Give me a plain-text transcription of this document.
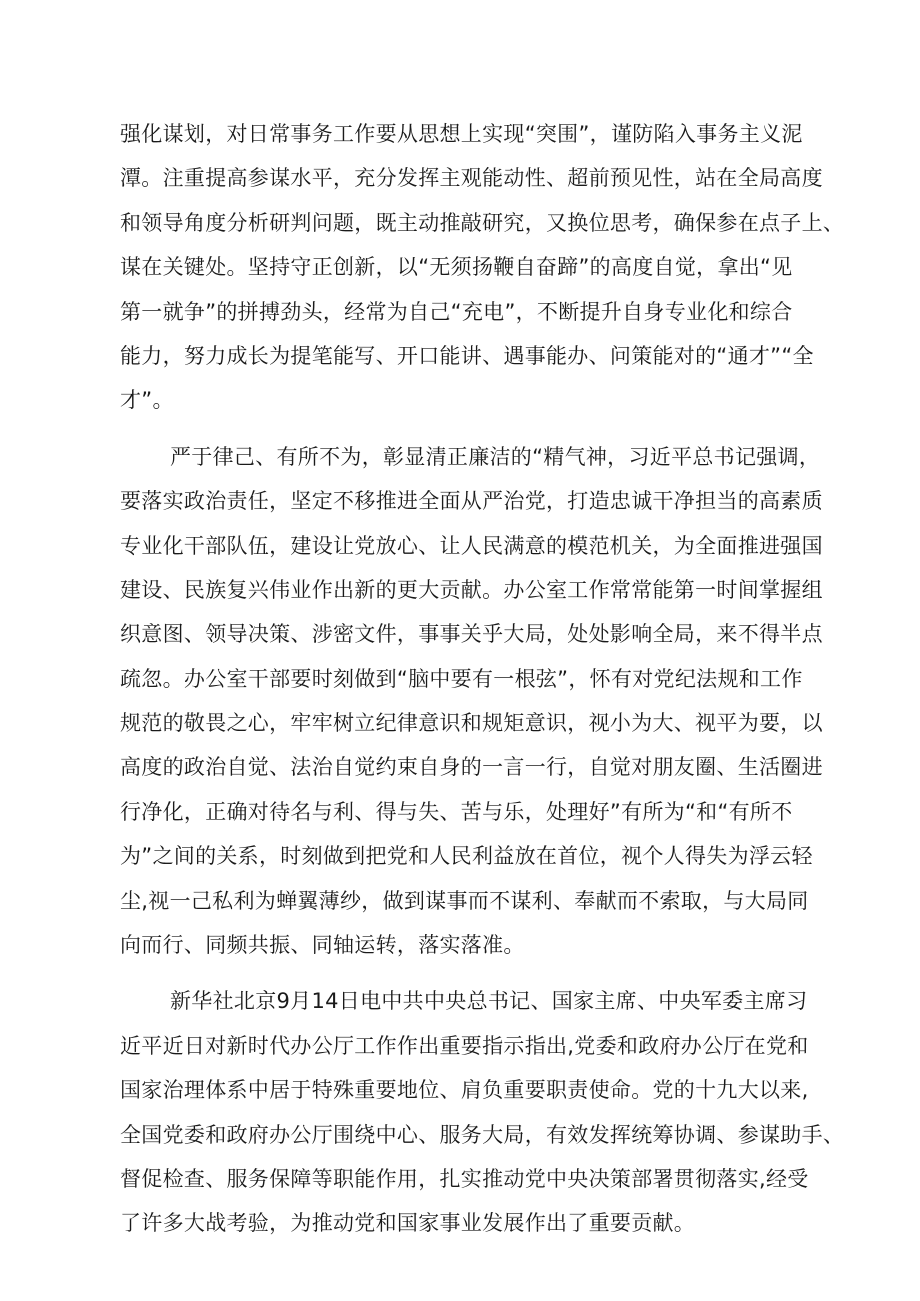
强化谋划，对日常事务工作要从思想上实现“突围”，谨防陷入事务主义泥
潭。注重提高参谋水平，充分发挥主观能动性、超前预见性，站在全局高度
和领导角度分析研判问题，既主动推敲研究，又换位思考，确保参在点子上、
谋在关键处。坚持守正创新，以“无须扬鞭自奋蹄”的高度自觉，拿出“见
第一就争”的拼搏劲头，经常为自己“充电”，不断提升自身专业化和综合
能力，努力成长为提笔能写、开口能讲、遇事能办、问策能对的“通才”“全
才”。
严于律己、有所不为，彰显清正廉洁的“精气神，习近平总书记强调，
要落实政治责任，坚定不移推进全面从严治党，打造忠诚干净担当的高素质
专业化干部队伍，建设让党放心、让人民满意的模范机关，为全面推进强国
建设、民族复兴伟业作出新的更大贡献。办公室工作常常能第一时间掌握组
织意图、领导决策、涉密文件，事事关乎大局，处处影响全局，来不得半点
疏忽。办公室干部要时刻做到“脑中要有一根弦”，怀有对党纪法规和工作
规范的敬畏之心，牢牢树立纪律意识和规矩意识，视小为大、视平为要，以
高度的政治自觉、法治自觉约束自身的一言一行，自觉对朋友圈、生活圈进
行净化，正确对待名与利、得与失、苦与乐，处理好”有所为“和“有所不
为”之间的关系，时刻做到把党和人民利益放在首位，视个人得失为浮云轻
尘,视一己私利为蝉翼薄纱，做到谋事而不谋利、奉献而不索取，与大局同
向而行、同频共振、同轴运转，落实落准。
新华社北京9月14日电中共中央总书记、国家主席、中央军委主席习
近平近日对新时代办公厅工作作出重要指示指出,党委和政府办公厅在党和
国家治理体系中居于特殊重要地位、肩负重要职责使命。党的十九大以来,
全国党委和政府办公厅围绕中心、服务大局，有效发挥统筹协调、参谋助手、
督促检查、服务保障等职能作用，扎实推动党中央决策部署贯彻落实,经受
了许多大战考验，为推动党和国家事业发展作出了重要贡献。
